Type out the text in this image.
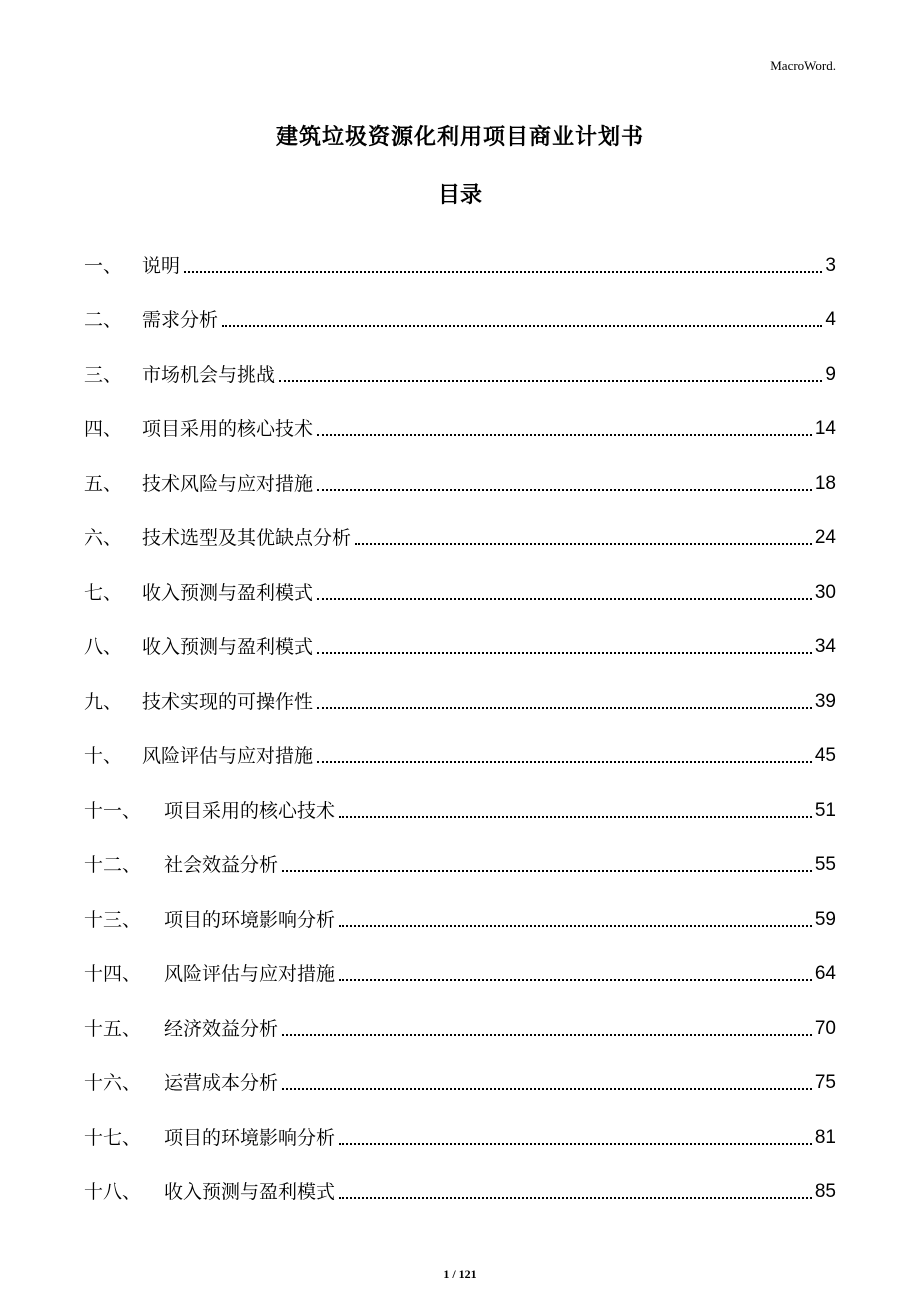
MacroWord.
建筑垃圾资源化利用项目商业计划书
目录
一、	说明	3
二、	需求分析	4
三、	市场机会与挑战	9
四、	项目采用的核心技术	14
五、	技术风险与应对措施	18
六、	技术选型及其优缺点分析	24
七、	收入预测与盈利模式	30
八、	收入预测与盈利模式	34
九、	技术实现的可操作性	39
十、	风险评估与应对措施	45
十一、	项目采用的核心技术	51
十二、	社会效益分析	55
十三、	项目的环境影响分析	59
十四、	风险评估与应对措施	64
十五、	经济效益分析	70
十六、	运营成本分析	75
十七、	项目的环境影响分析	81
十八、	收入预测与盈利模式	85
1 / 121
